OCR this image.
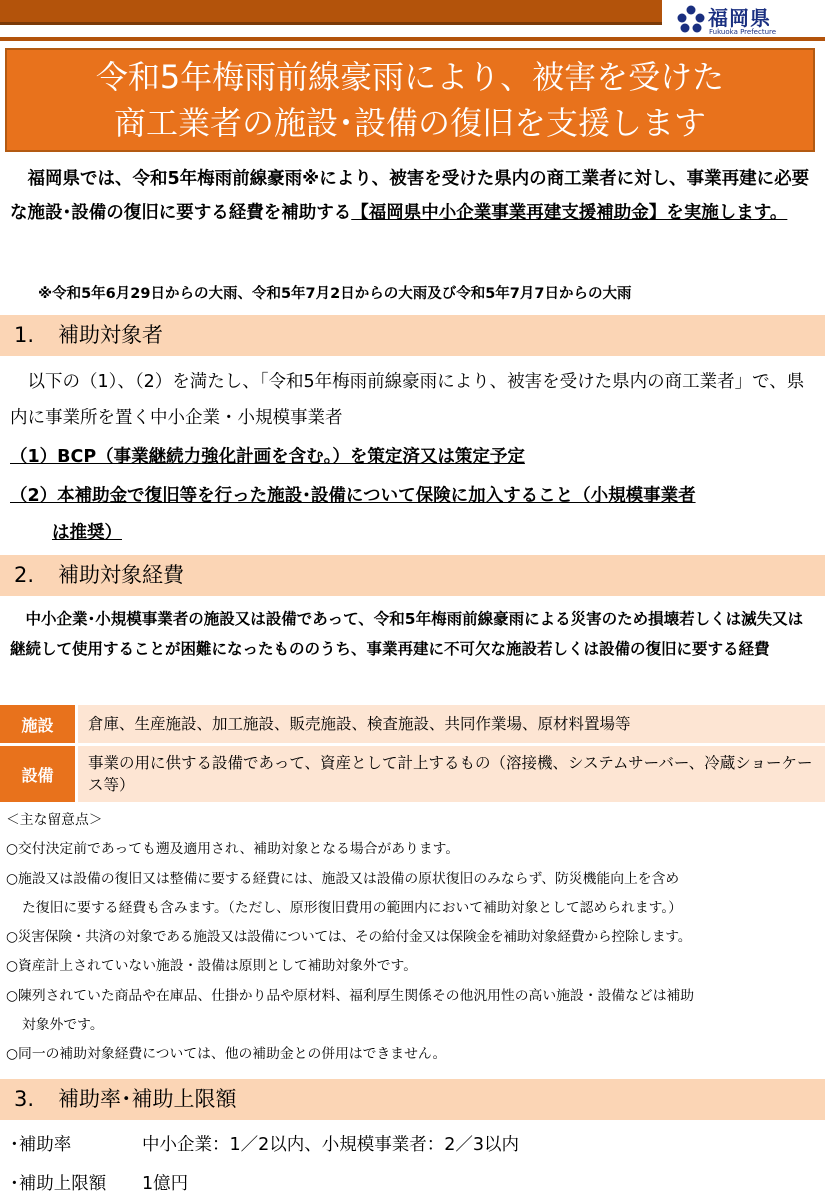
福岡県
Fukuoka Prefecture
令和5年梅雨前線豪雨により、被害を受けた
商工業者の施設･設備の復旧を支援します
 福岡県では、令和5年梅雨前線豪雨※により、被害を受けた県内の商工業者に対し、事業再建に必要な施設･設備の復旧に要する経費を補助する【福岡県中小企業事業再建支援補助金】を実施します。
※令和5年6月29日からの大雨、令和5年7月2日からの大雨及び令和5年7月7日からの大雨
1. 補助対象者
 以下の（1）、（2）を満たし、「令和5年梅雨前線豪雨により、被害を受けた県内の商工業者」で、県内に事業所を置く中小企業・小規模事業者
（1）BCP（事業継続力強化計画を含む。）を策定済又は策定予定
（2）本補助金で復旧等を行った施設･設備について保険に加入すること（小規模事業者
は推奨）
2. 補助対象経費
 中小企業･小規模事業者の施設又は設備であって、令和5年梅雨前線豪雨による災害のため損壊若しくは滅失又は継続して使用することが困難になったもののうち、事業再建に不可欠な施設若しくは設備の復旧に要する経費
施設	倉庫、生産施設、加工施設、販売施設、検査施設、共同作業場、原材料置場等
設備
事業の用に供する設備であって、資産として計上するもの（溶接機、システムサーバー、冷蔵ショーケース等）
＜主な留意点＞
○交付決定前であっても遡及適用され、補助対象となる場合があります。
○施設又は設備の復旧又は整備に要する経費には、施設又は設備の原状復旧のみならず、防災機能向上を含め
た復旧に要する経費も含みます。（ただし、原形復旧費用の範囲内において補助対象として認められます。）
○災害保険・共済の対象である施設又は設備については、その給付金又は保険金を補助対象経費から控除します。
○資産計上されていない施設・設備は原則として補助対象外です。
○陳列されていた商品や在庫品、仕掛かり品や原材料、福利厚生関係その他汎用性の高い施設・設備などは補助
対象外です。
○同一の補助対象経費については、他の補助金との併用はできません。
3. 補助率･補助上限額
･補助率	中小企業：1／2以内、小規模事業者：2／3以内
･補助上限額 1億円
